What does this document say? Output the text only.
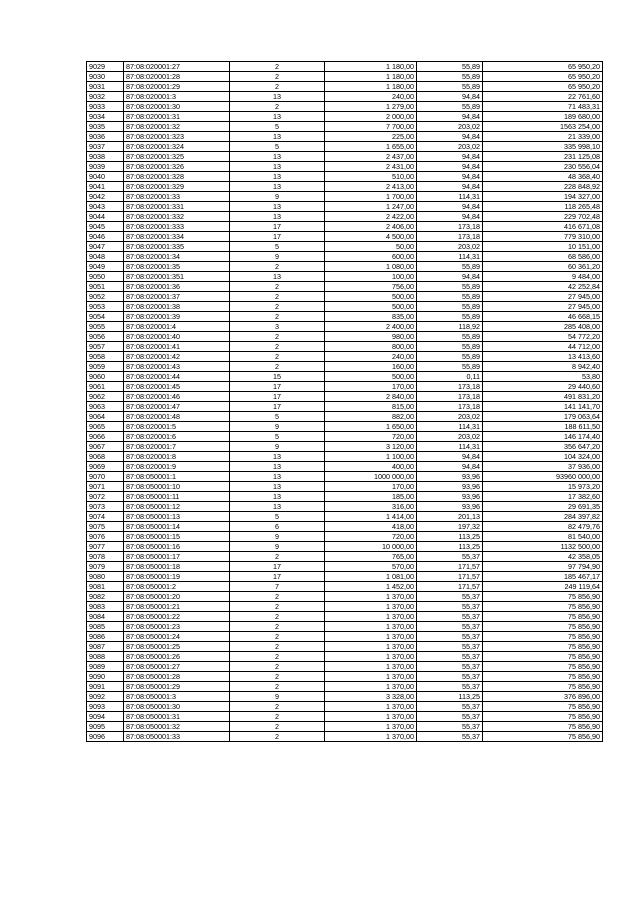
9029	87:08:020001:27	2	1 180,00	55,89	65 950,20
9030	87:08:020001:28	2	1 180,00	55,89	65 950,20
9031	87:08:020001:29	2	1 180,00	55,89	65 950,20
9032	87:08:020001:3	13	240,00	94,84	22 761,60
9033	87:08:020001:30	2	1 279,00	55,89	71 483,31
9034	87:08:020001:31	13	2 000,00	94,84	189 680,00
9035	87:08:020001:32	5	7 700,00	203,02	1563 254,00
9036	87:08:020001:323	13	225,00	94,84	21 339,00
9037	87:08:020001:324	5	1 655,00	203,02	335 998,10
9038	87:08:020001:325	13	2 437,00	94,84	231 125,08
9039	87:08:020001:326	13	2 431,00	94,84	230 556,04
9040	87:08:020001:328	13	510,00	94,84	48 368,40
9041	87:08:020001:329	13	2 413,00	94,84	228 848,92
9042	87:08:020001:33	9	1 700,00	114,31	194 327,00
9043	87:08:020001:331	13	1 247,00	94,84	118 265,48
9044	87:08:020001:332	13	2 422,00	94,84	229 702,48
9045	87:08:020001:333	17	2 406,00	173,18	416 671,08
9046	87:08:020001:334	17	4 500,00	173,18	779 310,00
9047	87:08:020001:335	5	50,00	203,02	10 151,00
9048	87:08:020001:34	9	600,00	114,31	68 586,00
9049	87:08:020001:35	2	1 080,00	55,89	60 361,20
9050	87:08:020001:351	13	100,00	94,84	9 484,00
9051	87:08:020001:36	2	756,00	55,89	42 252,84
9052	87:08:020001:37	2	500,00	55,89	27 945,00
9053	87:08:020001:38	2	500,00	55,89	27 945,00
9054	87:08:020001:39	2	835,00	55,89	46 668,15
9055	87:08:020001:4	3	2 400,00	118,92	285 408,00
9056	87:08:020001:40	2	980,00	55,89	54 772,20
9057	87:08:020001:41	2	800,00	55,89	44 712,00
9058	87:08:020001:42	2	240,00	55,89	13 413,60
9059	87:08:020001:43	2	160,00	55,89	8 942,40
9060	87:08:020001:44	15	500,00	0,11	53,80
9061	87:08:020001:45	17	170,00	173,18	29 440,60
9062	87:08:020001:46	17	2 840,00	173,18	491 831,20
9063	87:08:020001:47	17	815,00	173,18	141 141,70
9064	87:08:020001:48	5	882,00	203,02	179 063,64
9065	87:08:020001:5	9	1 650,00	114,31	188 611,50
9066	87:08:020001:6	5	720,00	203,02	146 174,40
9067	87:08:020001:7	9	3 120,00	114,31	356 647,20
9068	87:08:020001:8	13	1 100,00	94,84	104 324,00
9069	87:08:020001:9	13	400,00	94,84	37 936,00
9070	87:08:050001:1	13	1000 000,00	93,96	93960 000,00
9071	87:08:050001:10	13	170,00	93,96	15 973,20
9072	87:08:050001:11	13	185,00	93,96	17 382,60
9073	87:08:050001:12	13	316,00	93,96	29 691,35
9074	87:08:050001:13	5	1 414,00	201,13	284 397,82
9075	87:08:050001:14	6	418,00	197,32	82 479,76
9076	87:08:050001:15	9	720,00	113,25	81 540,00
9077	87:08:050001:16	9	10 000,00	113,25	1132 500,00
9078	87:08:050001:17	2	765,00	55,37	42 358,05
9079	87:08:050001:18	17	570,00	171,57	97 794,90
9080	87:08:050001:19	17	1 081,00	171,57	185 467,17
9081	87:08:050001:2	7	1 452,00	171,57	249 119,64
9082	87:08:050001:20	2	1 370,00	55,37	75 856,90
9083	87:08:050001:21	2	1 370,00	55,37	75 856,90
9084	87:08:050001:22	2	1 370,00	55,37	75 856,90
9085	87:08:050001:23	2	1 370,00	55,37	75 856,90
9086	87:08:050001:24	2	1 370,00	55,37	75 856,90
9087	87:08:050001:25	2	1 370,00	55,37	75 856,90
9088	87:08:050001:26	2	1 370,00	55,37	75 856,90
9089	87:08:050001:27	2	1 370,00	55,37	75 856,90
9090	87:08:050001:28	2	1 370,00	55,37	75 856,90
9091	87:08:050001:29	2	1 370,00	55,37	75 856,90
9092	87:08:050001:3	9	3 328,00	113,25	376 896,00
9093	87:08:050001:30	2	1 370,00	55,37	75 856,90
9094	87:08:050001:31	2	1 370,00	55,37	75 856,90
9095	87:08:050001:32	2	1 370,00	55,37	75 856,90
9096	87:08:050001:33	2	1 370,00	55,37	75 856,90
